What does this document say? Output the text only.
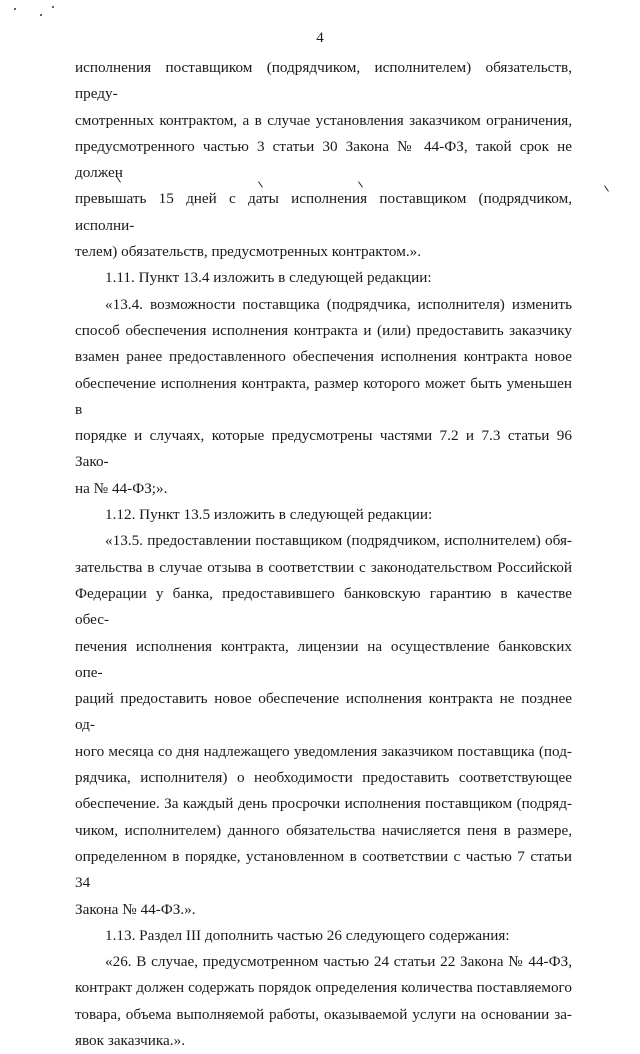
4

исполнения поставщиком (подрядчиком, исполнителем) обязательств, преду-
смотренных контрактом, а в случае установления заказчиком ограничения,
предусмотренного частью 3 статьи 30 Закона № 44-ФЗ, такой срок не должен
превышать 15 дней с даты исполнения поставщиком (подрядчиком, исполни-
телем) обязательств, предусмотренных контрактом.».

1.11. Пункт 13.4 изложить в следующей редакции:

«13.4. возможности поставщика (подрядчика, исполнителя) изменить
способ обеспечения исполнения контракта и (или) предоставить заказчику
взамен ранее предоставленного обеспечения исполнения контракта новое
обеспечение исполнения контракта, размер которого может быть уменьшен в
порядке и случаях, которые предусмотрены частями 7.2 и 7.3 статьи 96 Зако-
на № 44-ФЗ;».

1.12. Пункт 13.5 изложить в следующей редакции:

«13.5. предоставлении поставщиком (подрядчиком, исполнителем) обя-
зательства в случае отзыва в соответствии с законодательством Российской
Федерации у банка, предоставившего банковскую гарантию в качестве обес-
печения исполнения контракта, лицензии на осуществление банковских опе-
раций предоставить новое обеспечение исполнения контракта не позднее од-
ного месяца со дня надлежащего уведомления заказчиком поставщика (под-
рядчика, исполнителя) о необходимости предоставить соответствующее
обеспечение. За каждый день просрочки исполнения поставщиком (подряд-
чиком, исполнителем) данного обязательства начисляется пеня в размере,
определенном в порядке, установленном в соответствии с частью 7 статьи 34
Закона № 44-ФЗ.».

1.13. Раздел III дополнить частью 26 следующего содержания:

«26. В случае, предусмотренном частью 24 статьи 22 Закона № 44-ФЗ,
контракт должен содержать порядок определения количества поставляемого
товара, объема выполняемой работы, оказываемой услуги на основании за-
явок заказчика.».
